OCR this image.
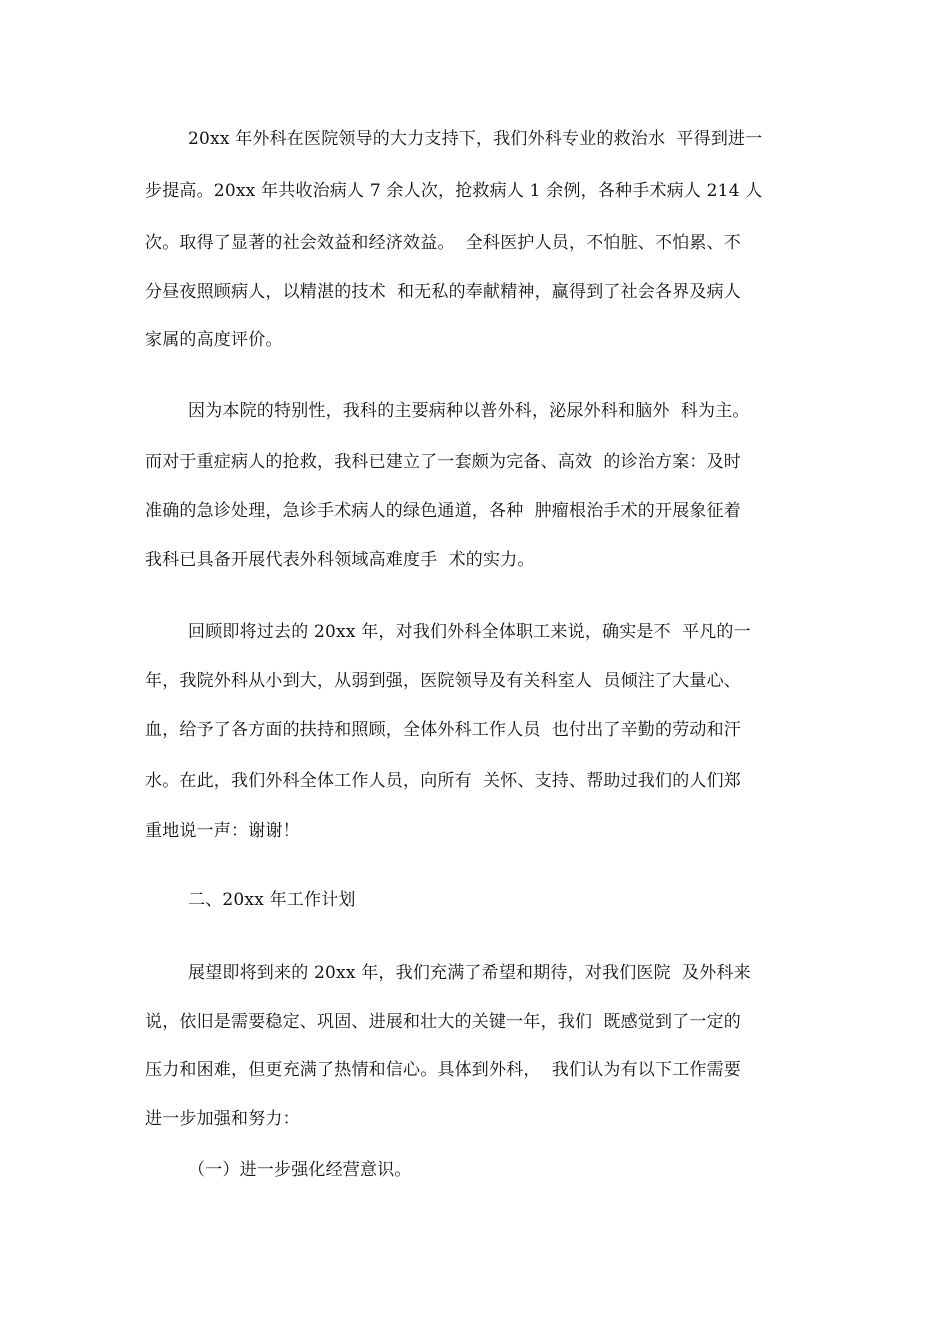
20xx 年外科在医院领导的大力支持下，我们外科专业的救治水  平得到进一
步提高。20xx 年共收治病人 7 余人次，抢救病人 1 余例，各种手术病人 214 人
次。取得了显著的社会效益和经济效益。  全科医护人员，不怕脏、不怕累、不
分昼夜照顾病人，以精湛的技术  和无私的奉献精神，赢得到了社会各界及病人
家属的高度评价。
因为本院的特别性，我科的主要病种以普外科，泌尿外科和脑外  科为主。
而对于重症病人的抢救，我科已建立了一套颇为完备、高效  的诊治方案：及时
准确的急诊处理，急诊手术病人的绿色通道，各种  肿瘤根治手术的开展象征着
我科已具备开展代表外科领域高难度手  术的实力。
回顾即将过去的 20xx 年，对我们外科全体职工来说，确实是不  平凡的一
年，我院外科从小到大，从弱到强，医院领导及有关科室人  员倾注了大量心、
血，给予了各方面的扶持和照顾，全体外科工作人员  也付出了辛勤的劳动和汗
水。在此，我们外科全体工作人员，向所有  关怀、支持、帮助过我们的人们郑
重地说一声：谢谢！
二、20xx 年工作计划
展望即将到来的 20xx 年，我们充满了希望和期待，对我们医院  及外科来
说，依旧是需要稳定、巩固、进展和壮大的关键一年，我们  既感觉到了一定的
压力和困难，但更充满了热情和信心。具体到外科，  我们认为有以下工作需要
进一步加强和努力：
（一）进一步强化经营意识。
